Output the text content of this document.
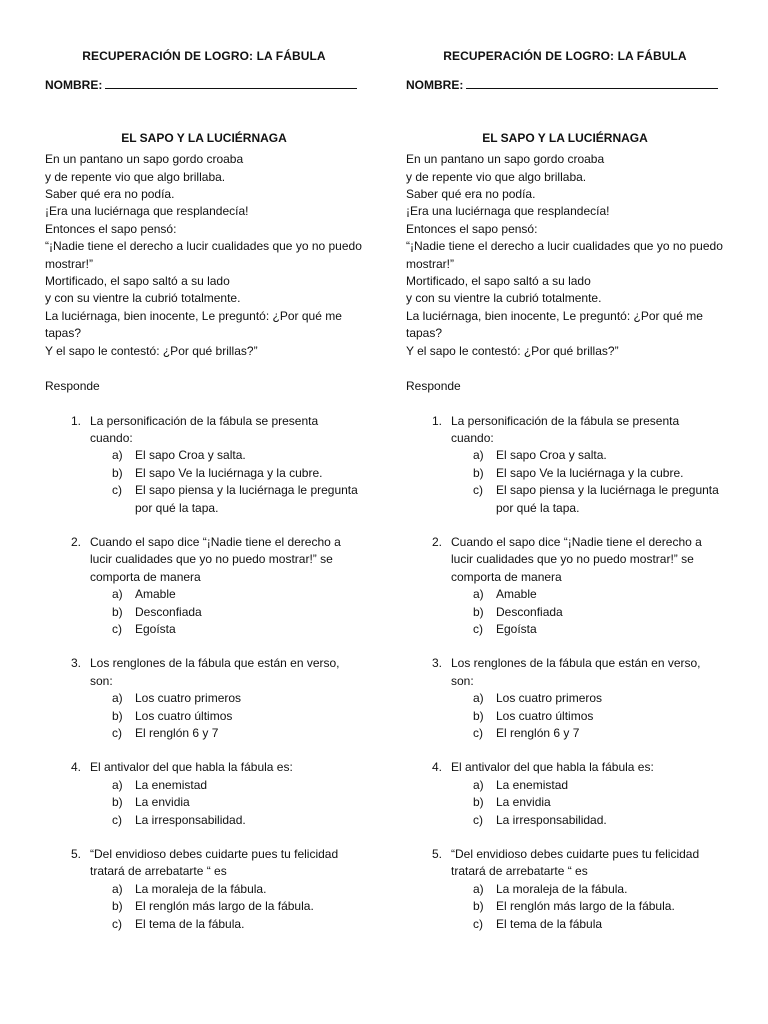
RECUPERACIÓN DE LOGRO: LA FÁBULA
NOMBRE:
EL SAPO Y LA LUCIÉRNAGA
En un pantano un sapo gordo croaba
y de repente vio que algo brillaba.
Saber qué era no podía.
¡Era una luciérnaga que resplandecía!
Entonces el sapo pensó:
“¡Nadie tiene el derecho a lucir cualidades que yo no puedo mostrar!”
Mortificado, el sapo saltó a su lado
y con su vientre la cubrió totalmente.
La luciérnaga, bien inocente, Le preguntó: ¿Por qué me tapas?
Y el sapo le contestó: ¿Por qué brillas?”
Responde
1. La personificación de la fábula se presenta cuando:
a)	El sapo Croa y salta.
b)	El sapo Ve la luciérnaga y la cubre.
c)	El sapo piensa y la luciérnaga le pregunta por qué la tapa.
2. Cuando el sapo dice “¡Nadie tiene el derecho a lucir cualidades que yo no puedo mostrar!” se comporta de manera
a)	Amable
b)	Desconfiada
c)	Egoísta
3. Los renglones de la fábula que están en verso, son:
a)	Los cuatro primeros
b)	Los cuatro últimos
c)	El renglón 6 y 7
4. El antivalor del que habla la fábula es:
a)	La enemistad
b)	La envidia
c)	La irresponsabilidad.
5. “Del envidioso debes cuidarte pues tu felicidad tratará de arrebatarte “ es
a)	La moraleja de la fábula.
b)	El renglón más largo de la fábula.
c)	El tema de la fábula.
RECUPERACIÓN DE LOGRO: LA FÁBULA
NOMBRE:
EL SAPO Y LA LUCIÉRNAGA
En un pantano un sapo gordo croaba
y de repente vio que algo brillaba.
Saber qué era no podía.
¡Era una luciérnaga que resplandecía!
Entonces el sapo pensó:
“¡Nadie tiene el derecho a lucir cualidades que yo no puedo mostrar!”
Mortificado, el sapo saltó a su lado
y con su vientre la cubrió totalmente.
La luciérnaga, bien inocente, Le preguntó: ¿Por qué me tapas?
Y el sapo le contestó: ¿Por qué brillas?”
Responde
1. La personificación de la fábula se presenta cuando:
a)	El sapo Croa y salta.
b)	El sapo Ve la luciérnaga y la cubre.
c)	El sapo piensa y la luciérnaga le pregunta por qué la tapa.
2. Cuando el sapo dice “¡Nadie tiene el derecho a lucir cualidades que yo no puedo mostrar!” se comporta de manera
a)	Amable
b)	Desconfiada
c)	Egoísta
3. Los renglones de la fábula que están en verso, son:
a)	Los cuatro primeros
b)	Los cuatro últimos
c)	El renglón 6 y 7
4. El antivalor del que habla la fábula es:
a)	La enemistad
b)	La envidia
c)	La irresponsabilidad.
5. “Del envidioso debes cuidarte pues tu felicidad tratará de arrebatarte “ es
a)	La moraleja de la fábula.
b)	El renglón más largo de la fábula.
c)	El tema de la fábula
